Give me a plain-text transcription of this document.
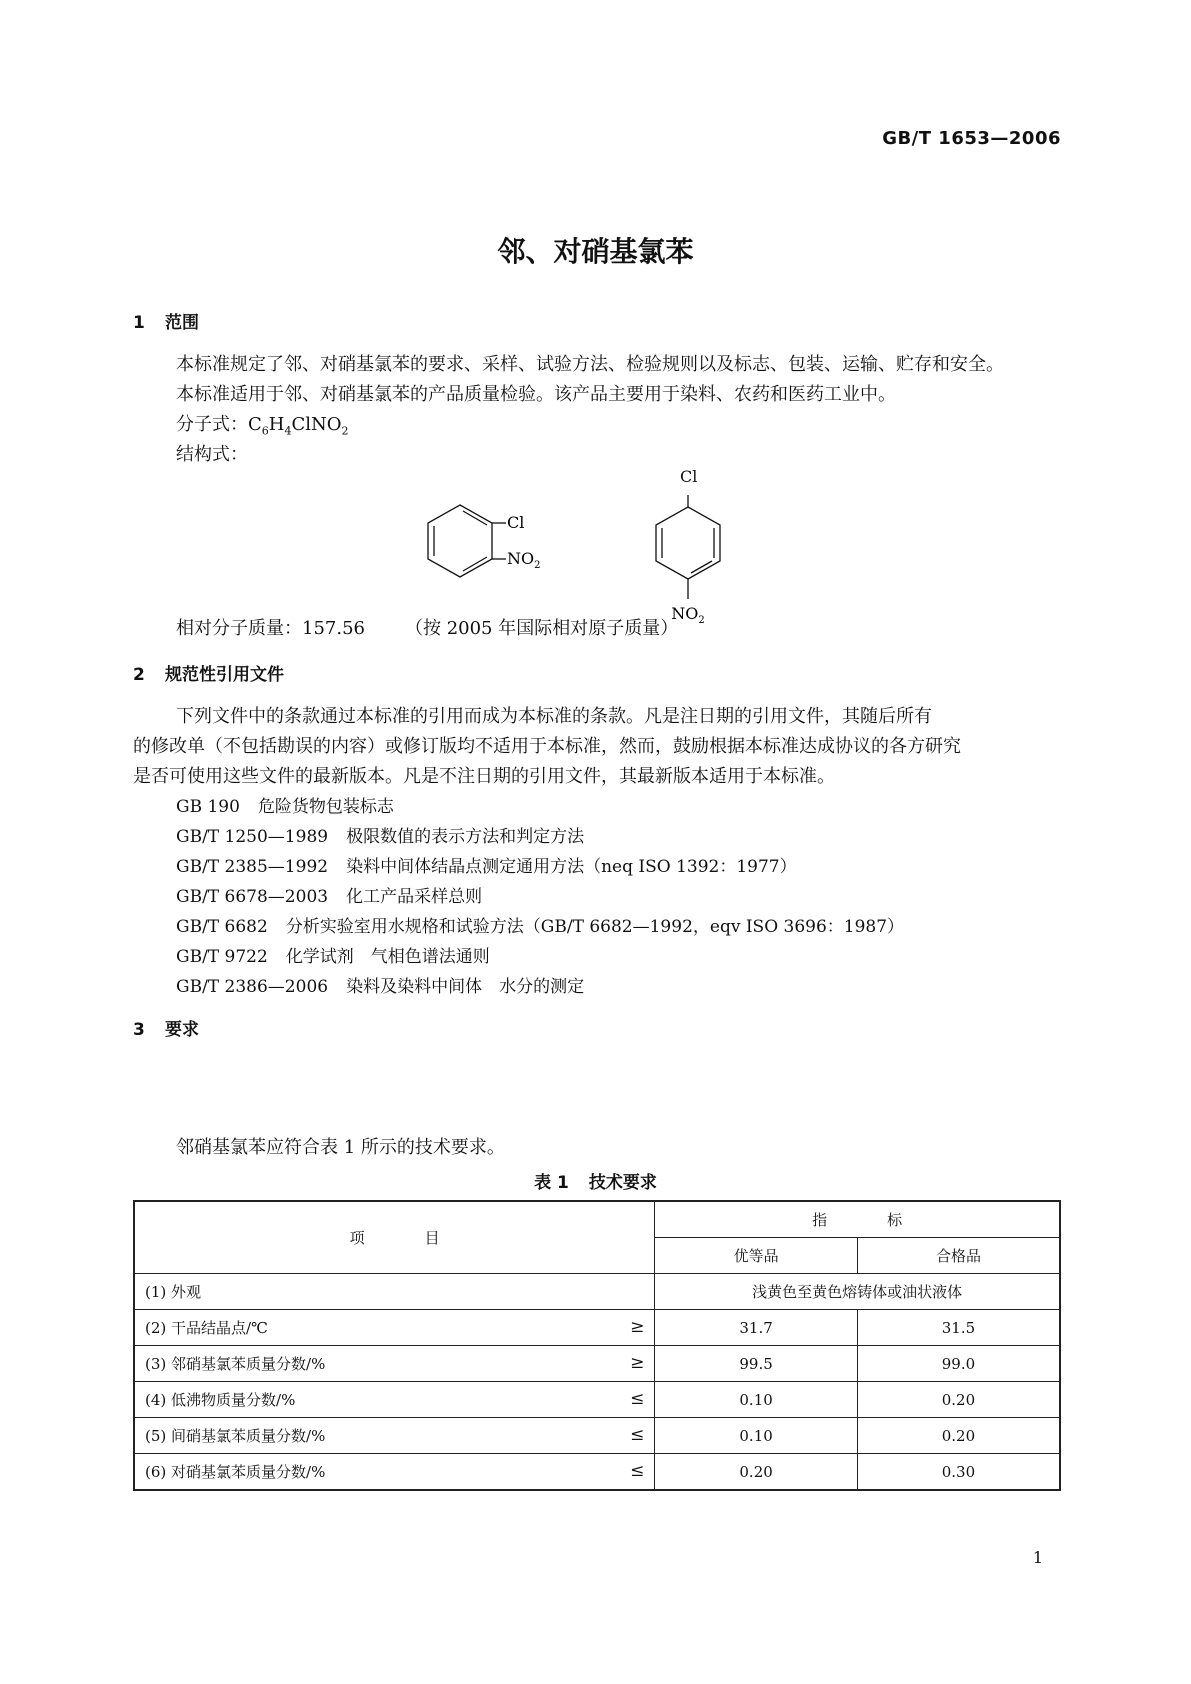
GB/T 1653—2006
邻、对硝基氯苯
1 范围
本标准规定了邻、对硝基氯苯的要求、采样、试验方法、检验规则以及标志、包装、运输、贮存和安全。
本标准适用于邻、对硝基氯苯的产品质量检验。该产品主要用于染料、农药和医药工业中。
分子式：$C_6H_4ClNO_2$
结构式：
Cl
$NO_2$
$NO_2$
Cl
相对分子质量：157.56 （按 2005 年国际相对原子质量）
2 规范性引用文件
下列文件中的条款通过本标准的引用而成为本标准的条款。凡是注日期的引用文件，其随后所有
的修改单（不包括勘误的内容）或修订版均不适用于本标准，然而，鼓励根据本标准达成协议的各方研究
是否可使用这些文件的最新版本。凡是不注日期的引用文件，其最新版本适用于本标准。
GB 190 危险货物包装标志
GB/T 1250—1989 极限数值的表示方法和判定方法
GB/T 2385—1992 染料中间体结晶点测定通用方法（neq ISO 1392：1977）
GB/T 6678—2003 化工产品采样总则
GB/T 6682 分析实验室用水规格和试验方法（GB/T 6682—1992，eqv ISO 3696：1987）
GB/T 9722 化学试剂　气相色谱法通则
GB/T 2386—2006 染料及染料中间体　水分的测定
3 要求
邻硝基氯苯应符合表 1 所示的技术要求。
表 1 技术要求
项　　　　目	指　　　　标	
	优等品	合格品
(1) 外观	浅黄色至黄色熔铸体或油状液体	
(2) 干品结晶点/℃ ≥	31.7	31.5
(3) 邻硝基氯苯质量分数/% ≥	99.5	99.0
(4) 低沸物质量分数/% ≤	0.10	0.20
(5) 间硝基氯苯质量分数/% ≤	0.10	0.20
(6) 对硝基氯苯质量分数/% ≤	0.20	0.30
1
